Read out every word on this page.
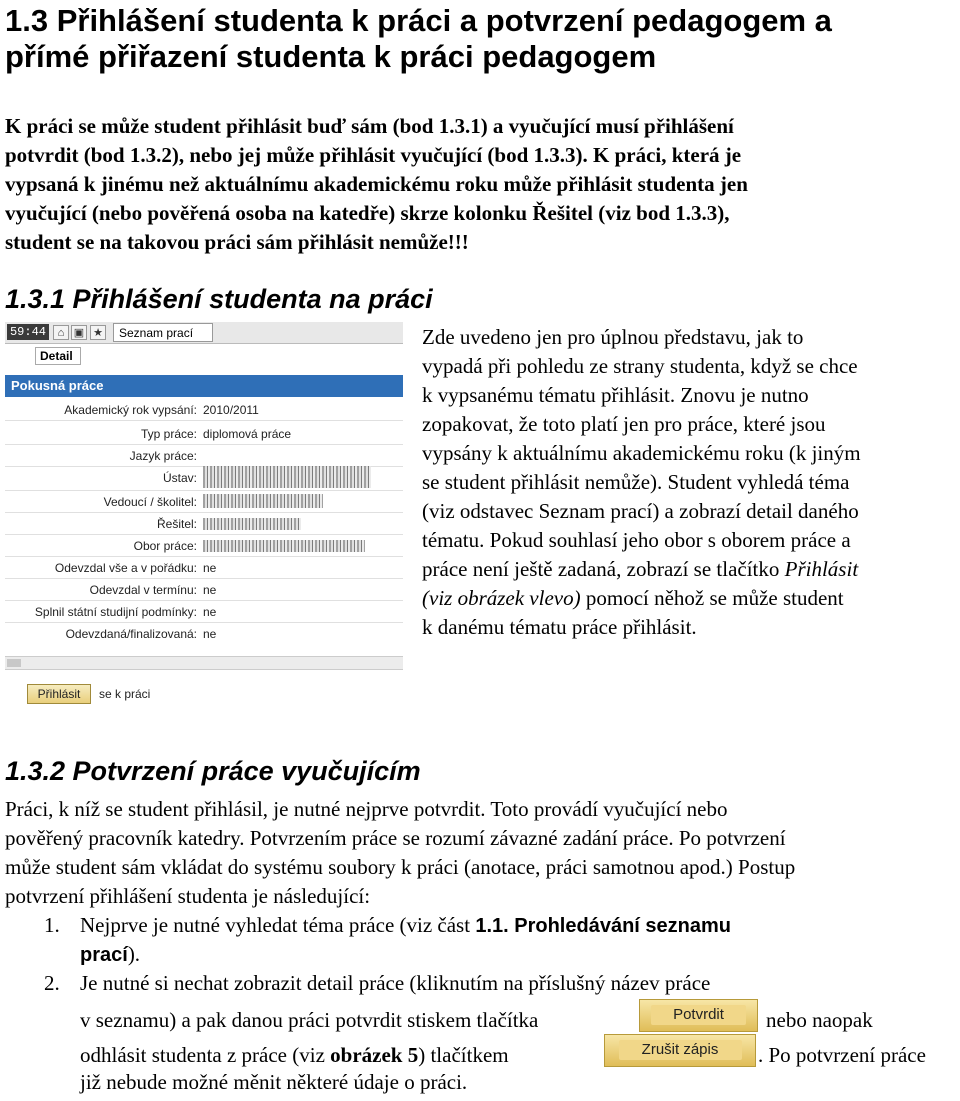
1.3 Přihlášení studenta k práci a potvrzení pedagogem a
přímé přiřazení studenta k práci pedagogem
K práci se může student přihlásit buď sám (bod 1.3.1) a vyučující musí přihlášení
potvrdit (bod 1.3.2), nebo jej může přihlásit vyučující (bod 1.3.3). K práci, která je
vypsaná k jinému než aktuálnímu akademickému roku může přihlásit studenta jen
vyučující (nebo pověřená osoba na katedře) skrze kolonku Řešitel (viz bod 1.3.3),
student se na takovou práci sám přihlásit nemůže!!!
1.3.1 Přihlášení studenta na práci
59:44	⌂ ▣ ★	Seznam prací
Detail
Pokusná práce
Akademický rok vypsání: 2010/2011
Typ práce: diplomová práce
Jazyk práce:
Ústav:
Vedoucí / školitel:
Řešitel:
Obor práce:
Odevzdal vše a v pořádku: ne
Odevzdal v termínu: ne
Splnil státní studijní podmínky: ne
Odevzdaná/finalizovaná: ne
Přihlásit	se k práci
Zde uvedeno jen pro úplnou představu, jak to
vypadá při pohledu ze strany studenta, když se chce
k vypsanému tématu přihlásit. Znovu je nutno
zopakovat, že toto platí jen pro práce, které jsou
vypsány k aktuálnímu akademickému roku (k jiným
se student přihlásit nemůže). Student vyhledá téma
(viz odstavec Seznam prací) a zobrazí detail daného
tématu. Pokud souhlasí jeho obor s oborem práce a
práce není ještě zadaná, zobrazí se tlačítko Přihlásit
(viz obrázek vlevo) pomocí něhož se může student
k danému tématu práce přihlásit.
1.3.2 Potvrzení práce vyučujícím
Práci, k níž se student přihlásil, je nutné nejprve potvrdit. Toto provádí vyučující nebo
pověřený pracovník katedry. Potvrzením práce se rozumí závazné zadání práce. Po potvrzení
může student sám vkládat do systému soubory k práci (anotace, práci samotnou apod.) Postup
potvrzení přihlášení studenta je následující:
1. Nejprve je nutné vyhledat téma práce (viz část 1.1. Prohledávání seznamu
prací).
2. Je nutné si nechat zobrazit detail práce (kliknutím na příslušný název práce
v seznamu) a pak danou práci potvrdit stiskem tlačítka	Potvrdit	nebo naopak
odhlásit studenta z práce (viz obrázek 5) tlačítkem	Zrušit zápis	. Po potvrzení práce
již nebude možné měnit některé údaje o práci.
